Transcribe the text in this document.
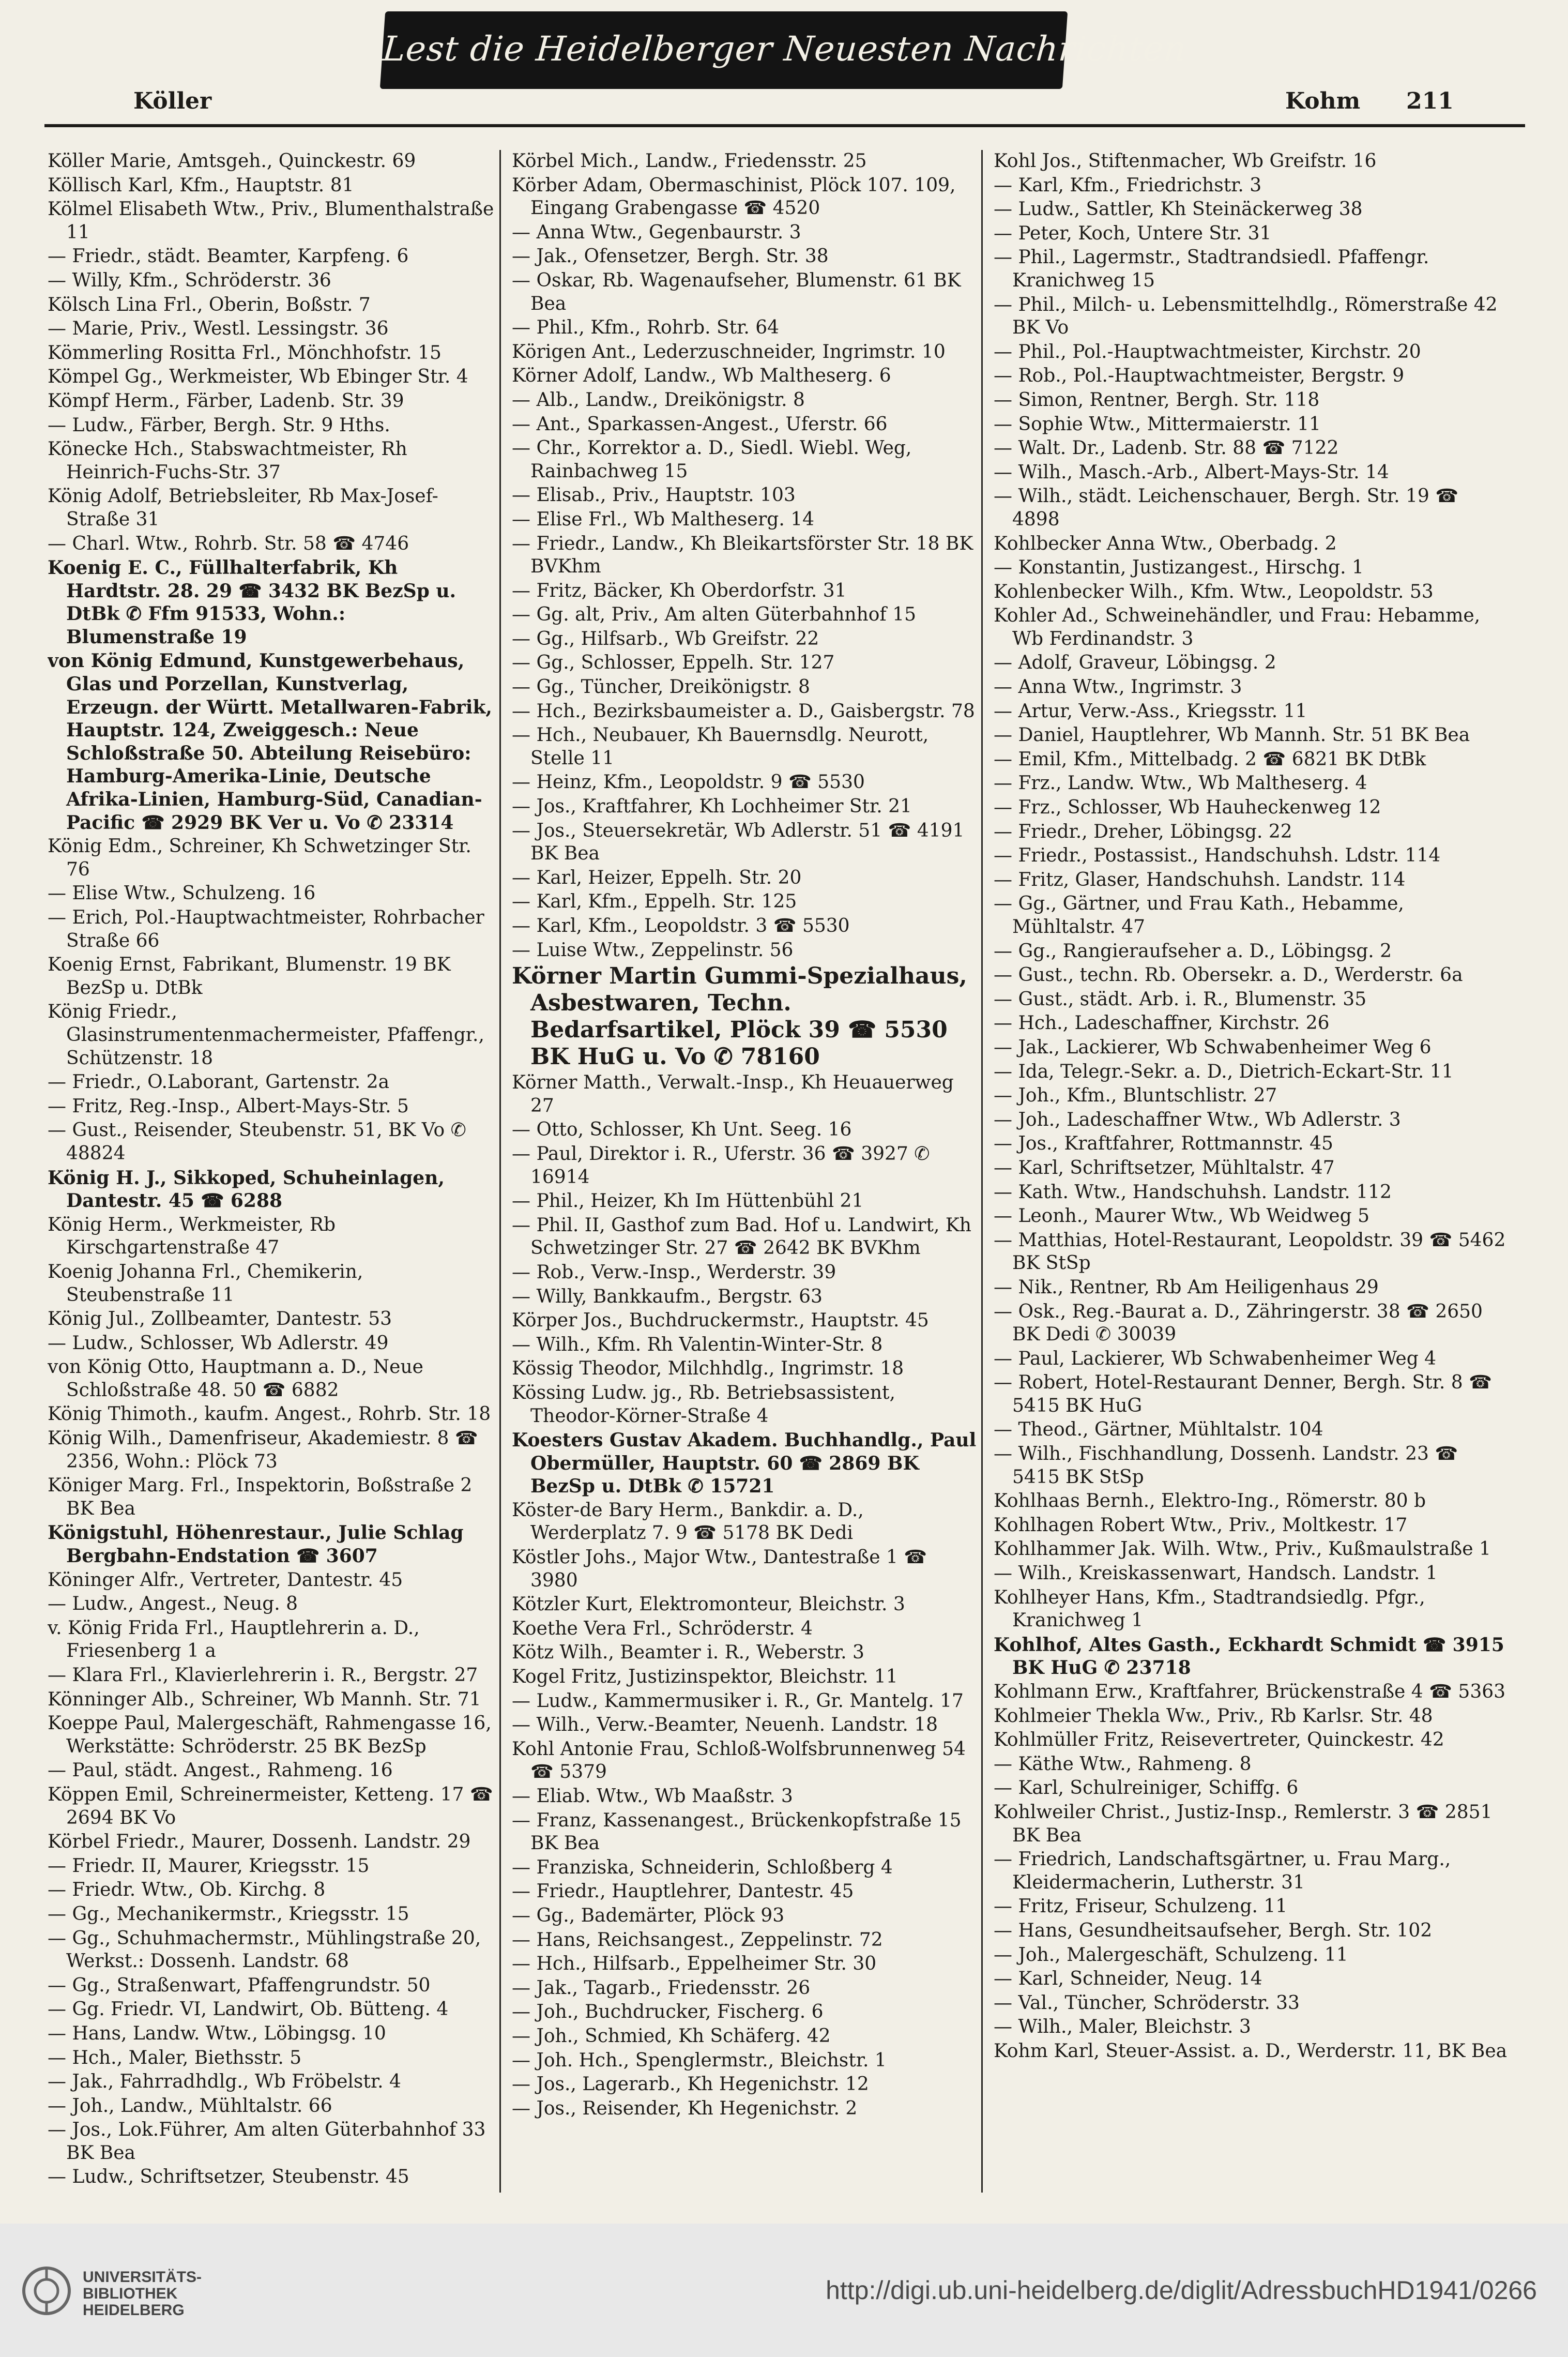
Lest die Heidelberger Neuesten Nachrichten
Köller	Kohm 211
Köller Marie, Amtsgeh., Quinckestr. 69
Köllisch Karl, Kfm., Hauptstr. 81
Kölmel Elisabeth Wtw., Priv., Blumenthalstraße 11
— Friedr., städt. Beamter, Karpfeng. 6
— Willy, Kfm., Schröderstr. 36
Kölsch Lina Frl., Oberin, Boßstr. 7
— Marie, Priv., Westl. Lessingstr. 36
Kömmerling Rositta Frl., Mönchhofstr. 15
Kömpel Gg., Werkmeister, Wb Ebinger Str. 4
Kömpf Herm., Färber, Ladenb. Str. 39
— Ludw., Färber, Bergh. Str. 9 Hths.
Könecke Hch., Stabswachtmeister, Rh Heinrich-Fuchs-Str. 37
König Adolf, Betriebsleiter, Rb Max-Josef-Straße 31
— Charl. Wtw., Rohrb. Str. 58 ☎ 4746
Koenig E. C., Füllhalterfabrik, Kh Hardtstr. 28. 29 ☎ 3432 BK BezSp u. DtBk ✆ Ffm 91533, Wohn.: Blumenstraße 19
von König Edmund, Kunstgewerbehaus, Glas und Porzellan, Kunstverlag, Erzeugn. der Württ. Metallwaren-Fabrik, Hauptstr. 124, Zweiggesch.: Neue Schloßstraße 50. Abteilung Reisebüro: Hamburg-Amerika-Linie, Deutsche Afrika-Linien, Hamburg-Süd, Canadian-Pacific ☎ 2929 BK Ver u. Vo ✆ 23314
König Edm., Schreiner, Kh Schwetzinger Str. 76
— Elise Wtw., Schulzeng. 16
— Erich, Pol.-Hauptwachtmeister, Rohrbacher Straße 66
Koenig Ernst, Fabrikant, Blumenstr. 19 BK BezSp u. DtBk
König Friedr., Glasinstrumentenmachermeister, Pfaffengr., Schützenstr. 18
— Friedr., O.Laborant, Gartenstr. 2a
— Fritz, Reg.-Insp., Albert-Mays-Str. 5
— Gust., Reisender, Steubenstr. 51, BK Vo ✆ 48824
König H. J., Sikkoped, Schuheinlagen, Dantestr. 45 ☎ 6288
König Herm., Werkmeister, Rb Kirschgartenstraße 47
Koenig Johanna Frl., Chemikerin, Steubenstraße 11
König Jul., Zollbeamter, Dantestr. 53
— Ludw., Schlosser, Wb Adlerstr. 49
von König Otto, Hauptmann a. D., Neue Schloßstraße 48. 50 ☎ 6882
König Thimoth., kaufm. Angest., Rohrb. Str. 18
König Wilh., Damenfriseur, Akademiestr. 8 ☎ 2356, Wohn.: Plöck 73
Königer Marg. Frl., Inspektorin, Boßstraße 2 BK Bea
Königstuhl, Höhenrestaur., Julie Schlag Bergbahn-Endstation ☎ 3607
Köninger Alfr., Vertreter, Dantestr. 45
— Ludw., Angest., Neug. 8
v. König Frida Frl., Hauptlehrerin a. D., Friesenberg 1 a
— Klara Frl., Klavierlehrerin i. R., Bergstr. 27
Könninger Alb., Schreiner, Wb Mannh. Str. 71
Koeppe Paul, Malergeschäft, Rahmengasse 16, Werkstätte: Schröderstr. 25 BK BezSp
— Paul, städt. Angest., Rahmeng. 16
Köppen Emil, Schreinermeister, Ketteng. 17 ☎ 2694 BK Vo
Körbel Friedr., Maurer, Dossenh. Landstr. 29
— Friedr. II, Maurer, Kriegsstr. 15
— Friedr. Wtw., Ob. Kirchg. 8
— Gg., Mechanikermstr., Kriegsstr. 15
— Gg., Schuhmachermstr., Mühlingstraße 20, Werkst.: Dossenh. Landstr. 68
— Gg., Straßenwart, Pfaffengrundstr. 50
— Gg. Friedr. VI, Landwirt, Ob. Bütteng. 4
— Hans, Landw. Wtw., Löbingsg. 10
— Hch., Maler, Biethsstr. 5
— Jak., Fahrradhdlg., Wb Fröbelstr. 4
— Joh., Landw., Mühltalstr. 66
— Jos., Lok.Führer, Am alten Güterbahnhof 33 BK Bea
— Ludw., Schriftsetzer, Steubenstr. 45
Körbel Mich., Landw., Friedensstr. 25
Körber Adam, Obermaschinist, Plöck 107. 109, Eingang Grabengasse ☎ 4520
— Anna Wtw., Gegenbaurstr. 3
— Jak., Ofensetzer, Bergh. Str. 38
— Oskar, Rb. Wagenaufseher, Blumenstr. 61 BK Bea
— Phil., Kfm., Rohrb. Str. 64
Körigen Ant., Lederzuschneider, Ingrimstr. 10
Körner Adolf, Landw., Wb Maltheserg. 6
— Alb., Landw., Dreikönigstr. 8
— Ant., Sparkassen-Angest., Uferstr. 66
— Chr., Korrektor a. D., Siedl. Wiebl. Weg, Rainbachweg 15
— Elisab., Priv., Hauptstr. 103
— Elise Frl., Wb Maltheserg. 14
— Friedr., Landw., Kh Bleikartsförster Str. 18 BK BVKhm
— Fritz, Bäcker, Kh Oberdorfstr. 31
— Gg. alt, Priv., Am alten Güterbahnhof 15
— Gg., Hilfsarb., Wb Greifstr. 22
— Gg., Schlosser, Eppelh. Str. 127
— Gg., Tüncher, Dreikönigstr. 8
— Hch., Bezirksbaumeister a. D., Gaisbergstr. 78
— Hch., Neubauer, Kh Bauernsdlg. Neurott, Stelle 11
— Heinz, Kfm., Leopoldstr. 9 ☎ 5530
— Jos., Kraftfahrer, Kh Lochheimer Str. 21
— Jos., Steuersekretär, Wb Adlerstr. 51 ☎ 4191 BK Bea
— Karl, Heizer, Eppelh. Str. 20
— Karl, Kfm., Eppelh. Str. 125
— Karl, Kfm., Leopoldstr. 3 ☎ 5530
— Luise Wtw., Zeppelinstr. 56
Körner Martin Gummi-Spezialhaus, Asbestwaren, Techn. Bedarfsartikel, Plöck 39 ☎ 5530 BK HuG u. Vo ✆ 78160
Körner Matth., Verwalt.-Insp., Kh Heuauerweg 27
— Otto, Schlosser, Kh Unt. Seeg. 16
— Paul, Direktor i. R., Uferstr. 36 ☎ 3927 ✆ 16914
— Phil., Heizer, Kh Im Hüttenbühl 21
— Phil. II, Gasthof zum Bad. Hof u. Landwirt, Kh Schwetzinger Str. 27 ☎ 2642 BK BVKhm
— Rob., Verw.-Insp., Werderstr. 39
— Willy, Bankkaufm., Bergstr. 63
Körper Jos., Buchdruckermstr., Hauptstr. 45
— Wilh., Kfm. Rh Valentin-Winter-Str. 8
Kössig Theodor, Milchhdlg., Ingrimstr. 18
Kössing Ludw. jg., Rb. Betriebsassistent, Theodor-Körner-Straße 4
Koesters Gustav Akadem. Buchhandlg., Paul Obermüller, Hauptstr. 60 ☎ 2869 BK BezSp u. DtBk ✆ 15721
Köster-de Bary Herm., Bankdir. a. D., Werderplatz 7. 9 ☎ 5178 BK Dedi
Köstler Johs., Major Wtw., Dantestraße 1 ☎ 3980
Kötzler Kurt, Elektromonteur, Bleichstr. 3
Koethe Vera Frl., Schröderstr. 4
Kötz Wilh., Beamter i. R., Weberstr. 3
Kogel Fritz, Justizinspektor, Bleichstr. 11
— Ludw., Kammermusiker i. R., Gr. Mantelg. 17
— Wilh., Verw.-Beamter, Neuenh. Landstr. 18
Kohl Antonie Frau, Schloß-Wolfsbrunnenweg 54 ☎ 5379
— Eliab. Wtw., Wb Maaßstr. 3
— Franz, Kassenangest., Brückenkopfstraße 15 BK Bea
— Franziska, Schneiderin, Schloßberg 4
— Friedr., Hauptlehrer, Dantestr. 45
— Gg., Bademärter, Plöck 93
— Hans, Reichsangest., Zeppelinstr. 72
— Hch., Hilfsarb., Eppelheimer Str. 30
— Jak., Tagarb., Friedensstr. 26
— Joh., Buchdrucker, Fischerg. 6
— Joh., Schmied, Kh Schäferg. 42
— Joh. Hch., Spenglermstr., Bleichstr. 1
— Jos., Lagerarb., Kh Hegenichstr. 12
— Jos., Reisender, Kh Hegenichstr. 2
Kohl Jos., Stiftenmacher, Wb Greifstr. 16
— Karl, Kfm., Friedrichstr. 3
— Ludw., Sattler, Kh Steinäckerweg 38
— Peter, Koch, Untere Str. 31
— Phil., Lagermstr., Stadtrandsiedl. Pfaffengr. Kranichweg 15
— Phil., Milch- u. Lebensmittelhdlg., Römerstraße 42 BK Vo
— Phil., Pol.-Hauptwachtmeister, Kirchstr. 20
— Rob., Pol.-Hauptwachtmeister, Bergstr. 9
— Simon, Rentner, Bergh. Str. 118
— Sophie Wtw., Mittermaierstr. 11
— Walt. Dr., Ladenb. Str. 88 ☎ 7122
— Wilh., Masch.-Arb., Albert-Mays-Str. 14
— Wilh., städt. Leichenschauer, Bergh. Str. 19 ☎ 4898
Kohlbecker Anna Wtw., Oberbadg. 2
— Konstantin, Justizangest., Hirschg. 1
Kohlenbecker Wilh., Kfm. Wtw., Leopoldstr. 53
Kohler Ad., Schweinehändler, und Frau: Hebamme, Wb Ferdinandstr. 3
— Adolf, Graveur, Löbingsg. 2
— Anna Wtw., Ingrimstr. 3
— Artur, Verw.-Ass., Kriegsstr. 11
— Daniel, Hauptlehrer, Wb Mannh. Str. 51 BK Bea
— Emil, Kfm., Mittelbadg. 2 ☎ 6821 BK DtBk
— Frz., Landw. Wtw., Wb Maltheserg. 4
— Frz., Schlosser, Wb Hauheckenweg 12
— Friedr., Dreher, Löbingsg. 22
— Friedr., Postassist., Handschuhsh. Ldstr. 114
— Fritz, Glaser, Handschuhsh. Landstr. 114
— Gg., Gärtner, und Frau Kath., Hebamme, Mühltalstr. 47
— Gg., Rangieraufseher a. D., Löbingsg. 2
— Gust., techn. Rb. Obersekr. a. D., Werderstr. 6a
— Gust., städt. Arb. i. R., Blumenstr. 35
— Hch., Ladeschaffner, Kirchstr. 26
— Jak., Lackierer, Wb Schwabenheimer Weg 6
— Ida, Telegr.-Sekr. a. D., Dietrich-Eckart-Str. 11
— Joh., Kfm., Bluntschlistr. 27
— Joh., Ladeschaffner Wtw., Wb Adlerstr. 3
— Jos., Kraftfahrer, Rottmannstr. 45
— Karl, Schriftsetzer, Mühltalstr. 47
— Kath. Wtw., Handschuhsh. Landstr. 112
— Leonh., Maurer Wtw., Wb Weidweg 5
— Matthias, Hotel-Restaurant, Leopoldstr. 39 ☎ 5462 BK StSp
— Nik., Rentner, Rb Am Heiligenhaus 29
— Osk., Reg.-Baurat a. D., Zähringerstr. 38 ☎ 2650 BK Dedi ✆ 30039
— Paul, Lackierer, Wb Schwabenheimer Weg 4
— Robert, Hotel-Restaurant Denner, Bergh. Str. 8 ☎ 5415 BK HuG
— Theod., Gärtner, Mühltalstr. 104
— Wilh., Fischhandlung, Dossenh. Landstr. 23 ☎ 5415 BK StSp
Kohlhaas Bernh., Elektro-Ing., Römerstr. 80 b
Kohlhagen Robert Wtw., Priv., Moltkestr. 17
Kohlhammer Jak. Wilh. Wtw., Priv., Kußmaulstraße 1
— Wilh., Kreiskassenwart, Handsch. Landstr. 1
Kohlheyer Hans, Kfm., Stadtrandsiedlg. Pfgr., Kranichweg 1
Kohlhof, Altes Gasth., Eckhardt Schmidt ☎ 3915 BK HuG ✆ 23718
Kohlmann Erw., Kraftfahrer, Brückenstraße 4 ☎ 5363
Kohlmeier Thekla Ww., Priv., Rb Karlsr. Str. 48
Kohlmüller Fritz, Reisevertreter, Quinckestr. 42
— Käthe Wtw., Rahmeng. 8
— Karl, Schulreiniger, Schiffg. 6
Kohlweiler Christ., Justiz-Insp., Remlerstr. 3 ☎ 2851 BK Bea
— Friedrich, Landschaftsgärtner, u. Frau Marg., Kleidermacherin, Lutherstr. 31
— Fritz, Friseur, Schulzeng. 11
— Hans, Gesundheitsaufseher, Bergh. Str. 102
— Joh., Malergeschäft, Schulzeng. 11
— Karl, Schneider, Neug. 14
— Val., Tüncher, Schröderstr. 33
— Wilh., Maler, Bleichstr. 3
Kohm Karl, Steuer-Assist. a. D., Werderstr. 11, BK Bea
UNIVERSITÄTS-
BIBLIOTHEK
HEIDELBERG
http://digi.ub.uni-heidelberg.de/diglit/AdressbuchHD1941/0266
